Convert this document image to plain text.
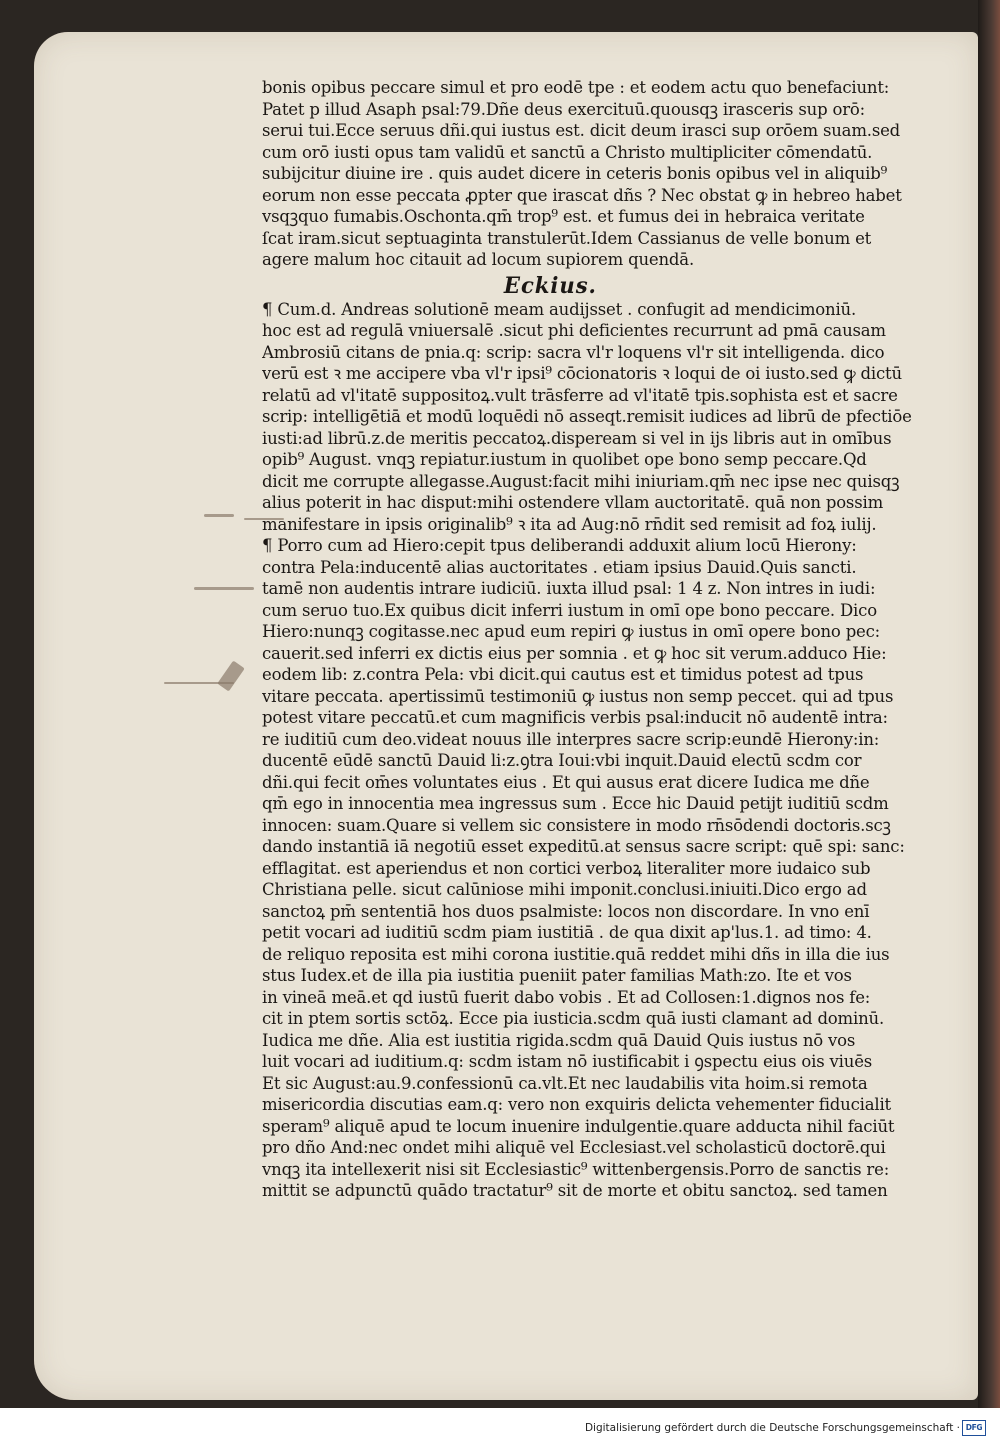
bonis opibus peccare simul et pro eodē tpe : et eodem actu quo benefaciunt:
Patet p illud Asaph psal:79.Dñe deus exercituū.quousqꝫ irasceris sup orō:
serui tui.Ecce seruus dñi.qui iustus est. dicit deum irasci sup orōem suam.sed
cum orō iusti opus tam validū et sanctū a Christo multipliciter cōmendatū.
subijcitur diuine ire . quis audet dicere in ceteris bonis opibus vel in aliquib⁹
eorum non esse peccata ꝓpter que irascat dñs ? Nec obstat ꝙ in hebreo habet
vsqꝫquo fumabis.Oschonta.qm̄ trop⁹ est. et fumus dei in hebraica veritate
ſcat iram.sicut septuaginta transtulerūt.Idem Cassianus de velle bonum et
agere malum hoc citauit ad locum supiorem quendā.
Eckius.
¶ Cum.d. Andreas solutionē meam audijsset . confugit ad mendicimoniū.
hoc est ad regulā vniuersalē .sicut phi deficientes recurrunt ad pmā causam
Ambrosiū citans de pnia.q: scrip: sacra vl'r loquens vl'r sit intelligenda. dico
verū est ꝛ me accipere vba vl'r ipsi⁹ cōcionatoris ꝛ loqui de oi iusto.sed ꝙ dictū
relatū ad vl'itatē suppositoꝝ.vult trāsferre ad vl'itatē tpis.sophista est et sacre
scrip: intelligētiā et modū loquēdi nō asseqt.remisit iudices ad librū de pfectiōe
iusti:ad librū.z.de meritis peccatoꝝ.dispeream si vel in ijs libris aut in omībus
opib⁹ August. vnqꝫ repiatur.iustum in quolibet ope bono semp peccare.Qd
dicit me corrupte allegasse.August:facit mihi iniuriam.qm̄ nec ipse nec quisqꝫ
alius poterit in hac disput:mihi ostendere vllam auctoritatē. quā non possim
manifestare in ipsis originalib⁹ ꝛ ita ad Aug:nō rn̄dit sed remisit ad foꝝ iulij.
¶ Porro cum ad Hiero:cepit tpus deliberandi adduxit alium locū Hierony:
contra Pela:inducentē alias auctoritates . etiam ipsius Dauid.Quis sancti.
tamē non audentis intrare iudiciū. iuxta illud psal: 1 4 z. Non intres in iudi:
cum seruo tuo.Ex quibus dicit inferri iustum in omī ope bono peccare. Dico
Hiero:nunqꝫ cogitasse.nec apud eum repiri ꝙ iustus in omī opere bono pec:
cauerit.sed inferri ex dictis eius per somnia . et ꝙ hoc sit verum.adduco Hie:
eodem lib: z.contra Pela: vbi dicit.qui cautus est et timidus potest ad tpus
vitare peccata. apertissimū testimoniū ꝙ iustus non semp peccet. qui ad tpus
potest vitare peccatū.et cum magnificis verbis psal:inducit nō audentē intra:
re iuditiū cum deo.videat nouus ille interpres sacre scrip:eundē Hierony:in:
ducentē eūdē sanctū Dauid li:z.ꝯtra Ioui:vbi inquit.Dauid electū scd̄m cor
dñi.qui fecit om̄es voluntates eius . Et qui ausus erat dicere Iudica me dñe
qm̄ ego in innocentia mea ingressus sum . Ecce hic Dauid petijt iuditiū scd̄m
innocen: suam.Quare si vellem sic consistere in modo rn̄sōdendi doctoris.scꝫ
dando instantiā iā negotiū esset expeditū.at sensus sacre script: quē spi: sanc:
efflagitat. est aperiendus et non cortici verboꝝ literaliter more iudaico sub
Christiana pelle. sicut calūniose mihi imponit.conclusi.iniuiti.Dico ergo ad
sanctoꝝ pm̄ sententiā hos duos psalmiste: locos non discordare. In vno enī
petit vocari ad iuditiū scd̄m piam iustitiā . de qua dixit ap'lus.1. ad timo: 4.
de reliquo reposita est mihi corona iustitie.quā reddet mihi dñs in illa die ius
stus Iudex.et de illa pia iustitia pueniit pater familias Math:zo. Ite et vos
in vineā meā.et qd iustū fuerit dabo vobis . Et ad Collosen:1.dignos nos fe:
cit in ptem sortis sctōꝝ. Ecce pia iusticia.scd̄m quā iusti clamant ad dominū.
Iudica me dñe. Alia est iustitia rigida.scd̄m quā Dauid Quis iustus nō vos
luit vocari ad iuditium.q: scd̄m istam nō iustificabit i ꝯspectu eius ois viuēs
Et sic August:au.9.confessionū ca.vlt.Et nec laudabilis vita hoim.si remota
misericordia discutias eam.q: vero non exquiris delicta vehementer fiducialit
speram⁹ aliquē apud te locum inuenire indulgentie.quare adducta nihil faciūt
pro dño And:nec ondet mihi aliquē vel Ecclesiast.vel scholasticū doctorē.qui
vnqꝫ ita intellexerit nisi sit Ecclesiastic⁹ wittenbergensis.Porro de sanctis re:
mittit se adpunctū quādo tractatur⁹ sit de morte et obitu sanctoꝝ. sed tamen
Digitalisierung gefördert durch die Deutsche Forschungsgemeinschaft · DFG
